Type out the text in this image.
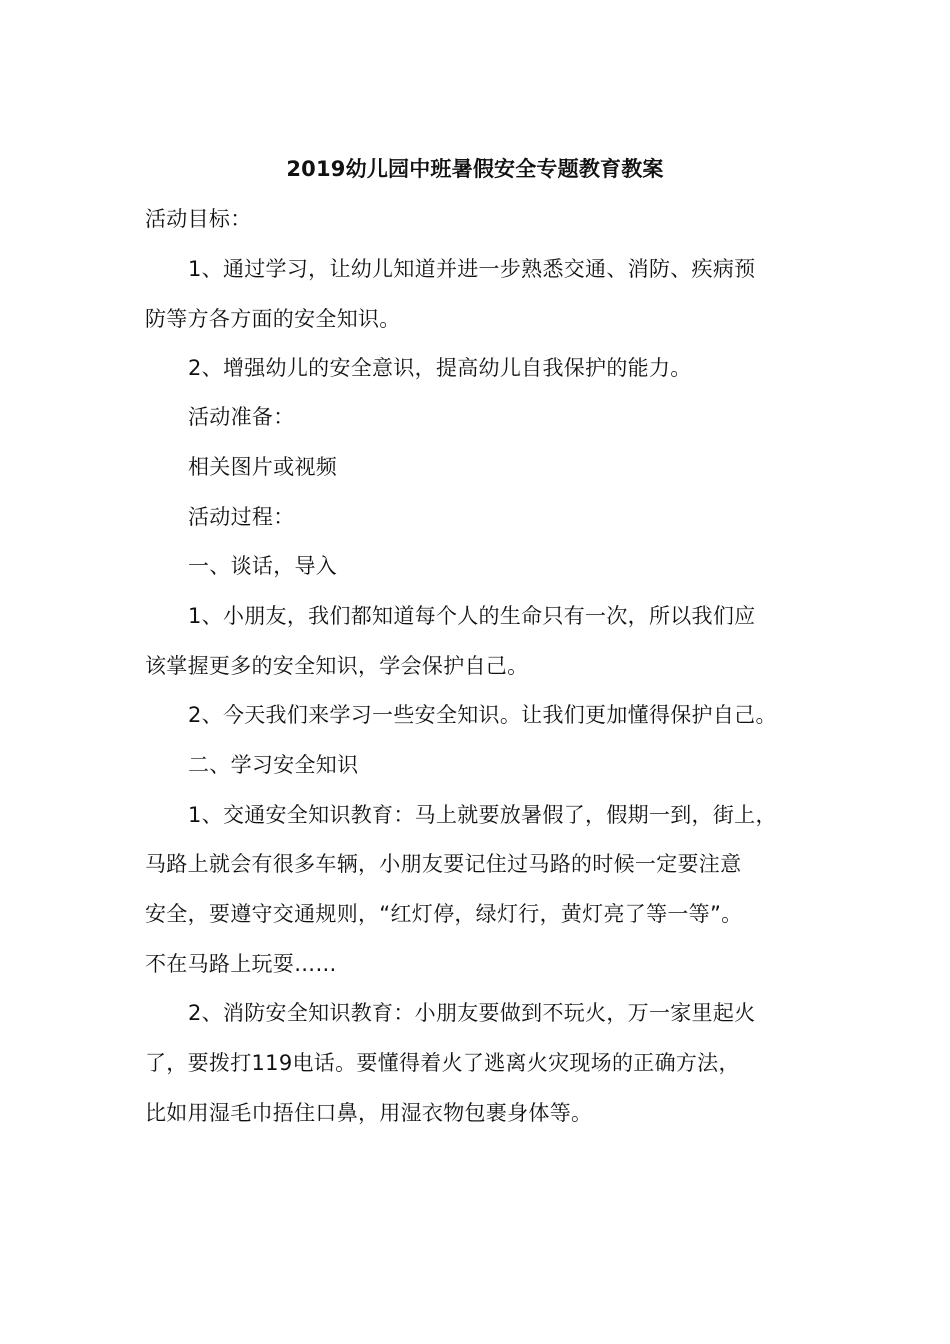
2019幼儿园中班暑假安全专题教育教案
活动目标：
1、通过学习，让幼儿知道并进一步熟悉交通、消防、疾病预
防等方各方面的安全知识。
2、增强幼儿的安全意识，提高幼儿自我保护的能力。
活动准备：
相关图片或视频
活动过程：
一、谈话，导入
1、小朋友，我们都知道每个人的生命只有一次，所以我们应
该掌握更多的安全知识，学会保护自己。
2、今天我们来学习一些安全知识。让我们更加懂得保护自己。
二、学习安全知识
1、交通安全知识教育：马上就要放暑假了，假期一到，街上，
马路上就会有很多车辆，小朋友要记住过马路的时候一定要注意
安全，要遵守交通规则，“红灯停，绿灯行，黄灯亮了等一等”。
不在马路上玩耍……
2、消防安全知识教育：小朋友要做到不玩火，万一家里起火
了，要拨打119电话。要懂得着火了逃离火灾现场的正确方法，
比如用湿毛巾捂住口鼻，用湿衣物包裹身体等。
